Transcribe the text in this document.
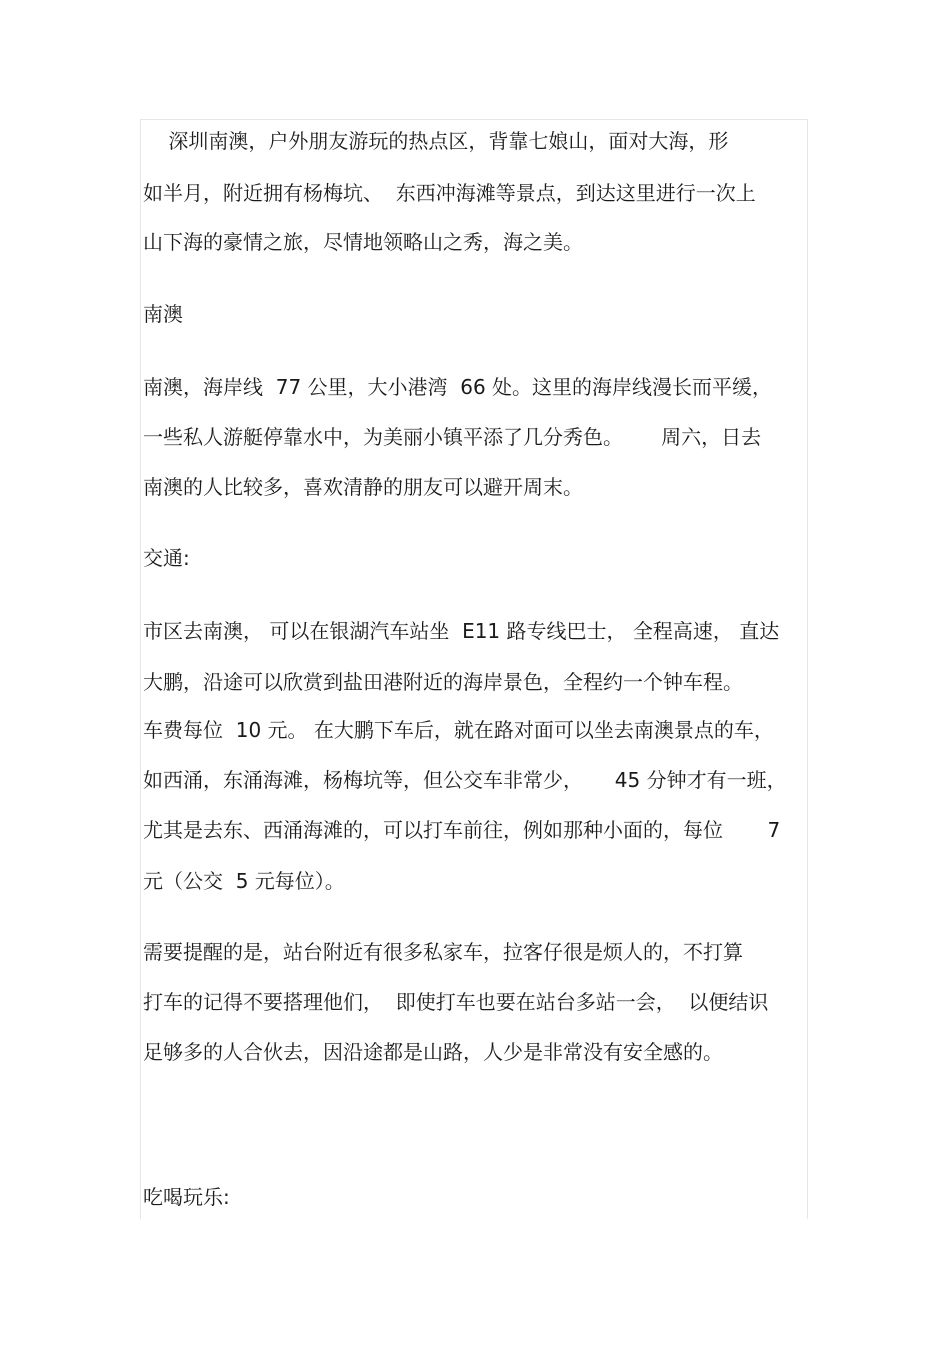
深圳南澳，户外朋友游玩的热点区，背靠七娘山，面对大海，形

如半月，附近拥有杨梅坑、  东西冲海滩等景点，到达这里进行一次上

山下海的豪情之旅，尽情地领略山之秀，海之美。

南澳

南澳，海岸线  77 公里，大小港湾  66 处。这里的海岸线漫长而平缓，

一些私人游艇停靠水中，为美丽小镇平添了几分秀色。      周六，日去

南澳的人比较多，喜欢清静的朋友可以避开周末。

交通:

市区去南澳， 可以在银湖汽车站坐  E11 路专线巴士， 全程高速， 直达

大鹏，沿途可以欣赏到盐田港附近的海岸景色，全程约一个钟车程。

车费每位  10 元。 在大鹏下车后，就在路对面可以坐去南澳景点的车，

如西涌，东涌海滩，杨梅坑等，但公交车非常少，     45 分钟才有一班，

尤其是去东、西涌海滩的，可以打车前往，例如那种小面的，每位       7

元（公交  5 元每位）。

需要提醒的是，站台附近有很多私家车，拉客仔很是烦人的，不打算

打车的记得不要搭理他们，  即使打车也要在站台多站一会，  以便结识

足够多的人合伙去，因沿途都是山路，人少是非常没有安全感的。

吃喝玩乐:
